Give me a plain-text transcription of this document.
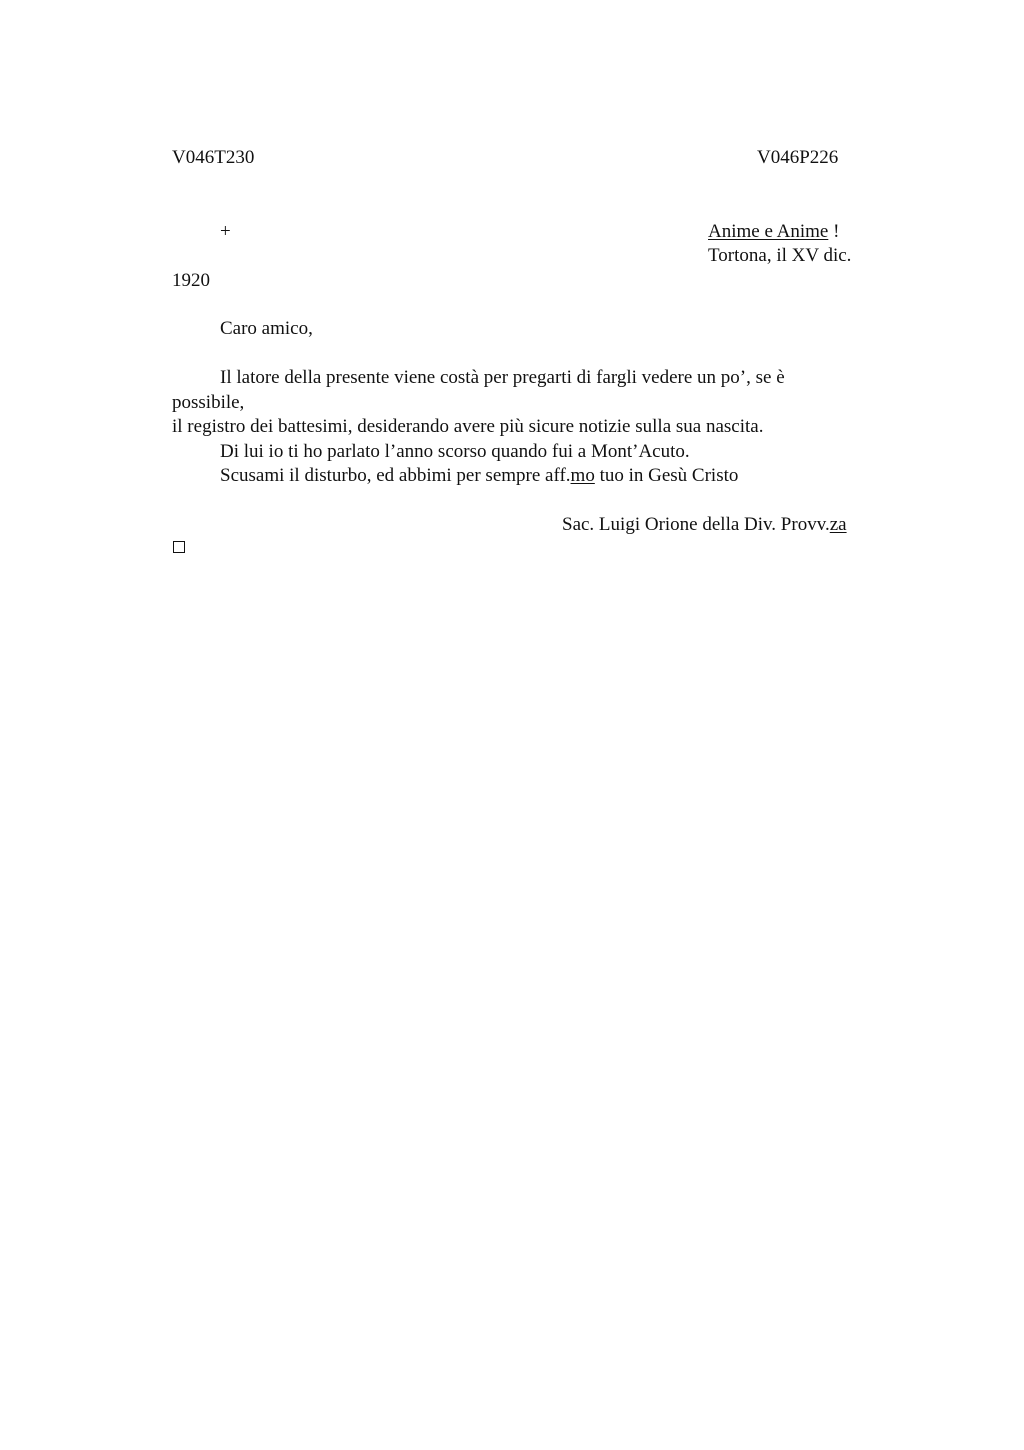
V046T230	V046P226
+	Anime e Anime !
Tortona, il XV dic.
1920
Caro amico,
Il latore della presente viene costà per pregarti di fargli vedere un po’, se è
possibile,
il registro dei battesimi, desiderando avere più sicure notizie sulla sua nascita.
Di lui io ti ho parlato l’anno scorso quando fui a Mont’Acuto.
Scusami il disturbo, ed abbimi per sempre aff.mo tuo in Gesù Cristo
Sac. Luigi Orione della Div. Provv.za
